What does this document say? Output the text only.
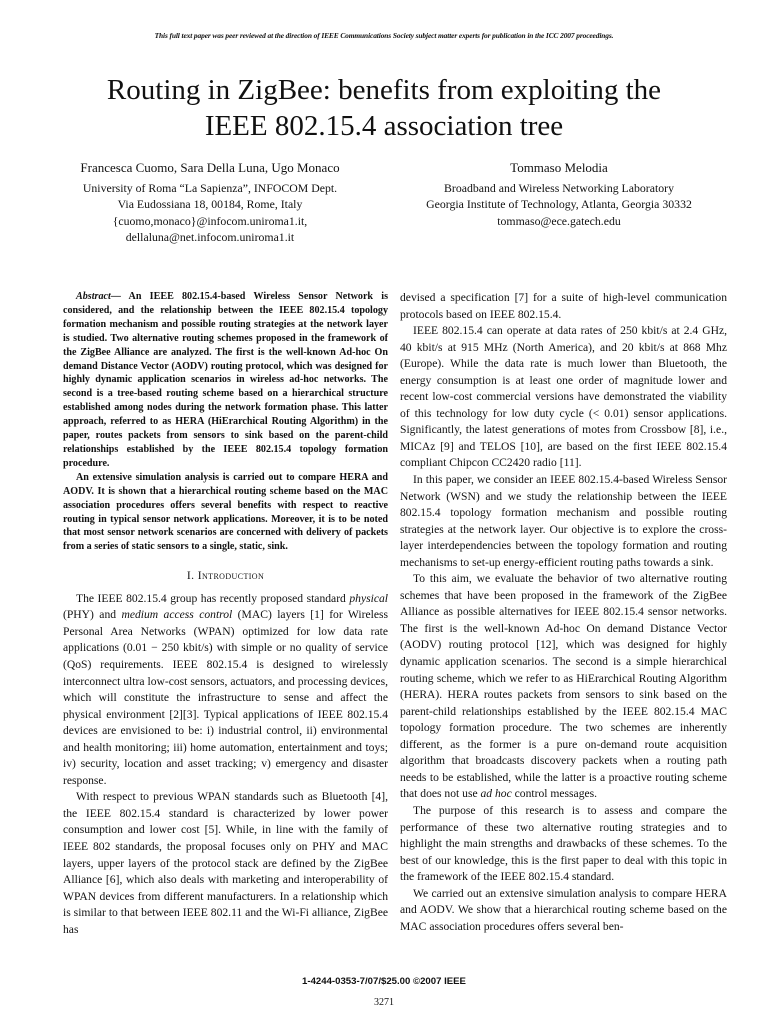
This full text paper was peer reviewed at the direction of IEEE Communications Society subject matter experts for publication in the ICC 2007 proceedings.
Routing in ZigBee: benefits from exploiting the
IEEE 802.15.4 association tree
Francesca Cuomo, Sara Della Luna, Ugo Monaco
University of Roma “La Sapienza”, INFOCOM Dept.
Via Eudossiana 18, 00184, Rome, Italy
{cuomo,monaco}@infocom.uniroma1.it,
dellaluna@net.infocom.uniroma1.it
Tommaso Melodia
Broadband and Wireless Networking Laboratory
Georgia Institute of Technology, Atlanta, Georgia 30332
tommaso@ece.gatech.edu

Abstract— An IEEE 802.15.4-based Wireless Sensor Network is considered, and the relationship between the IEEE 802.15.4 topology formation mechanism and possible routing strategies at the network layer is studied. Two alternative routing schemes proposed in the framework of the ZigBee Alliance are analyzed. The first is the well-known Ad-hoc On demand Distance Vector (AODV) routing protocol, which was designed for highly dynamic application scenarios in wireless ad-hoc networks. The second is a tree-based routing scheme based on a hierarchical structure established among nodes during the network formation phase. This latter approach, referred to as HERA (HiErarchical Routing Algorithm) in the paper, routes packets from sensors to sink based on the parent-child relationships established by the IEEE 802.15.4 topology formation procedure.

An extensive simulation analysis is carried out to compare HERA and AODV. It is shown that a hierarchical routing scheme based on the MAC association procedures offers several benefits with respect to reactive routing in typical sensor network applications. Moreover, it is to be noted that most sensor network scenarios are concerned with delivery of packets from a series of static sensors to a single, static, sink.

I. Introduction

The IEEE 802.15.4 group has recently proposed standard physical (PHY) and medium access control (MAC) layers [1] for Wireless Personal Area Networks (WPAN) optimized for low data rate applications (0.01 − 250 kbit/s) with simple or no quality of service (QoS) requirements. IEEE 802.15.4 is designed to wirelessly interconnect ultra low-cost sensors, actuators, and processing devices, which will constitute the infrastructure to sense and affect the physical environment [2][3]. Typical applications of IEEE 802.15.4 devices are envisioned to be: i) industrial control, ii) environmental and health monitoring; iii) home automation, entertainment and toys; iv) security, location and asset tracking; v) emergency and disaster response.

With respect to previous WPAN standards such as Bluetooth [4], the IEEE 802.15.4 standard is characterized by lower power consumption and lower cost [5]. While, in line with the family of IEEE 802 standards, the proposal focuses only on PHY and MAC layers, upper layers of the protocol stack are defined by the ZigBee Alliance [6], which also deals with marketing and interoperability of WPAN devices from different manufacturers. In a relationship which is similar to that between IEEE 802.11 and the Wi-Fi alliance, ZigBee has

devised a specification [7] for a suite of high-level communication protocols based on IEEE 802.15.4.

IEEE 802.15.4 can operate at data rates of 250 kbit/s at 2.4 GHz, 40 kbit/s at 915 MHz (North America), and 20 kbit/s at 868 Mhz (Europe). While the data rate is much lower than Bluetooth, the energy consumption is at least one order of magnitude lower and recent low-cost commercial versions have demonstrated the viability of this technology for low duty cycle (< 0.01) sensor applications. Significantly, the latest generations of motes from Crossbow [8], i.e., MICAz [9] and TELOS [10], are based on the first IEEE 802.15.4 compliant Chipcon CC2420 radio [11].

In this paper, we consider an IEEE 802.15.4-based Wireless Sensor Network (WSN) and we study the relationship between the IEEE 802.15.4 topology formation mechanism and possible routing strategies at the network layer. Our objective is to explore the cross-layer interdependencies between the topology formation and routing mechanisms to set-up energy-efficient routing paths towards a sink.

To this aim, we evaluate the behavior of two alternative routing schemes that have been proposed in the framework of the ZigBee Alliance as possible alternatives for IEEE 802.15.4 sensor networks. The first is the well-known Ad-hoc On demand Distance Vector (AODV) routing protocol [12], which was designed for highly dynamic application scenarios. The second is a simple hierarchical routing scheme, which we refer to as HiErarchical Routing Algorithm (HERA). HERA routes packets from sensors to sink based on the parent-child relationships established by the IEEE 802.15.4 MAC topology formation procedure. The two schemes are inherently different, as the former is a pure on-demand route acquisition algorithm that broadcasts discovery packets when a routing path needs to be established, while the latter is a proactive routing scheme that does not use ad hoc control messages.

The purpose of this research is to assess and compare the performance of these two alternative routing strategies and to highlight the main strengths and drawbacks of these schemes. To the best of our knowledge, this is the first paper to deal with this topic in the framework of the IEEE 802.15.4 standard.

We carried out an extensive simulation analysis to compare HERA and AODV. We show that a hierarchical routing scheme based on the MAC association procedures offers several ben-

1-4244-0353-7/07/$25.00 ©2007 IEEE
3271
